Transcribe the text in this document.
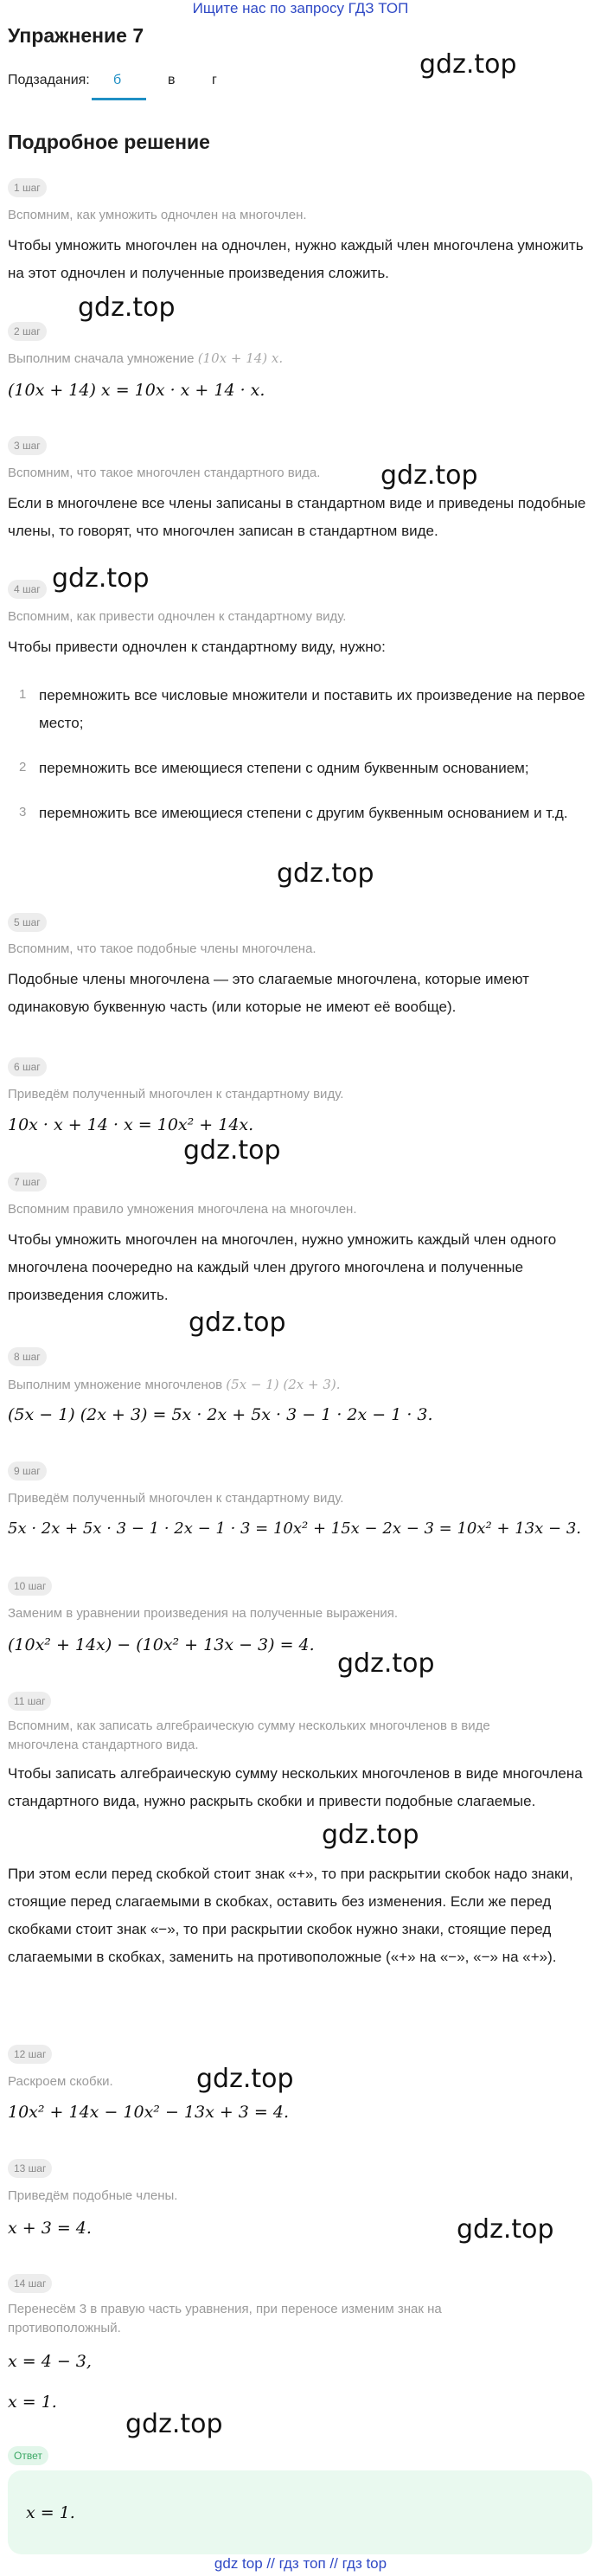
Ищите нас по запросу ГДЗ ТОП
Упражнение 7
Подзадания: б	в	г
Подробное решение
1 шаг
Вспомним, как умножить одночлен на многочлен.
Чтобы умножить многочлен на одночлен, нужно каждый член многочлена умножить на этот одночлен и полученные произведения сложить.
2 шаг
Выполним сначала умножение (10x + 14) x.
(10x + 14) x = 10x · x + 14 · x.
3 шаг
Вспомним, что такое многочлен стандартного вида.
Если в многочлене все члены записаны в стандартном виде и приведены подобные члены, то говорят, что многочлен записан в стандартном виде.
4 шаг
Вспомним, как привести одночлен к стандартному виду.
Чтобы привести одночлен к стандартному виду, нужно:
1 перемножить все числовые множители и поставить их произведение на первое место;
2 перемножить все имеющиеся степени с одним буквенным основанием;
3 перемножить все имеющиеся степени с другим буквенным основанием и т.д.
5 шаг
Вспомним, что такое подобные члены многочлена.
Подобные члены многочлена — это слагаемые многочлена, которые имеют одинаковую буквенную часть (или которые не имеют её вообще).
6 шаг
Приведём полученный многочлен к стандартному виду.
10x · x + 14 · x = 10x² + 14x.
7 шаг
Вспомним правило умножения многочлена на многочлен.
Чтобы умножить многочлен на многочлен, нужно умножить каждый член одного многочлена поочередно на каждый член другого многочлена и полученные произведения сложить.
8 шаг
Выполним умножение многочленов (5x − 1) (2x + 3).
(5x − 1) (2x + 3) = 5x · 2x + 5x · 3 − 1 · 2x − 1 · 3.
9 шаг
Приведём полученный многочлен к стандартному виду.
5x · 2x + 5x · 3 − 1 · 2x − 1 · 3 = 10x² + 15x − 2x − 3 = 10x² + 13x − 3.
10 шаг
Заменим в уравнении произведения на полученные выражения.
(10x² + 14x) − (10x² + 13x − 3) = 4.
11 шаг
Вспомним, как записать алгебраическую сумму нескольких многочленов в виде многочлена стандартного вида.
Чтобы записать алгебраическую сумму нескольких многочленов в виде многочлена стандартного вида, нужно раскрыть скобки и привести подобные слагаемые.
При этом если перед скобкой стоит знак «+», то при раскрытии скобок надо знаки, стоящие перед слагаемыми в скобках, оставить без изменения. Если же перед скобками стоит знак «−», то при раскрытии скобок нужно знаки, стоящие перед слагаемыми в скобках, заменить на противоположные («+» на «−», «−» на «+»).
12 шаг
Раскроем скобки.
10x² + 14x − 10x² − 13x + 3 = 4.
13 шаг
Приведём подобные члены.
x + 3 = 4.
14 шаг
Перенесём 3 в правую часть уравнения, при переносе изменим знак на противоположный.
x = 4 − 3,
x = 1.
Ответ
x = 1.
gdz top // гдз топ // гдз top
gdz.top
gdz.top
gdz.top
gdz.top
gdz.top
gdz.top
gdz.top
gdz.top
gdz.top
gdz.top
gdz.top
gdz.top
